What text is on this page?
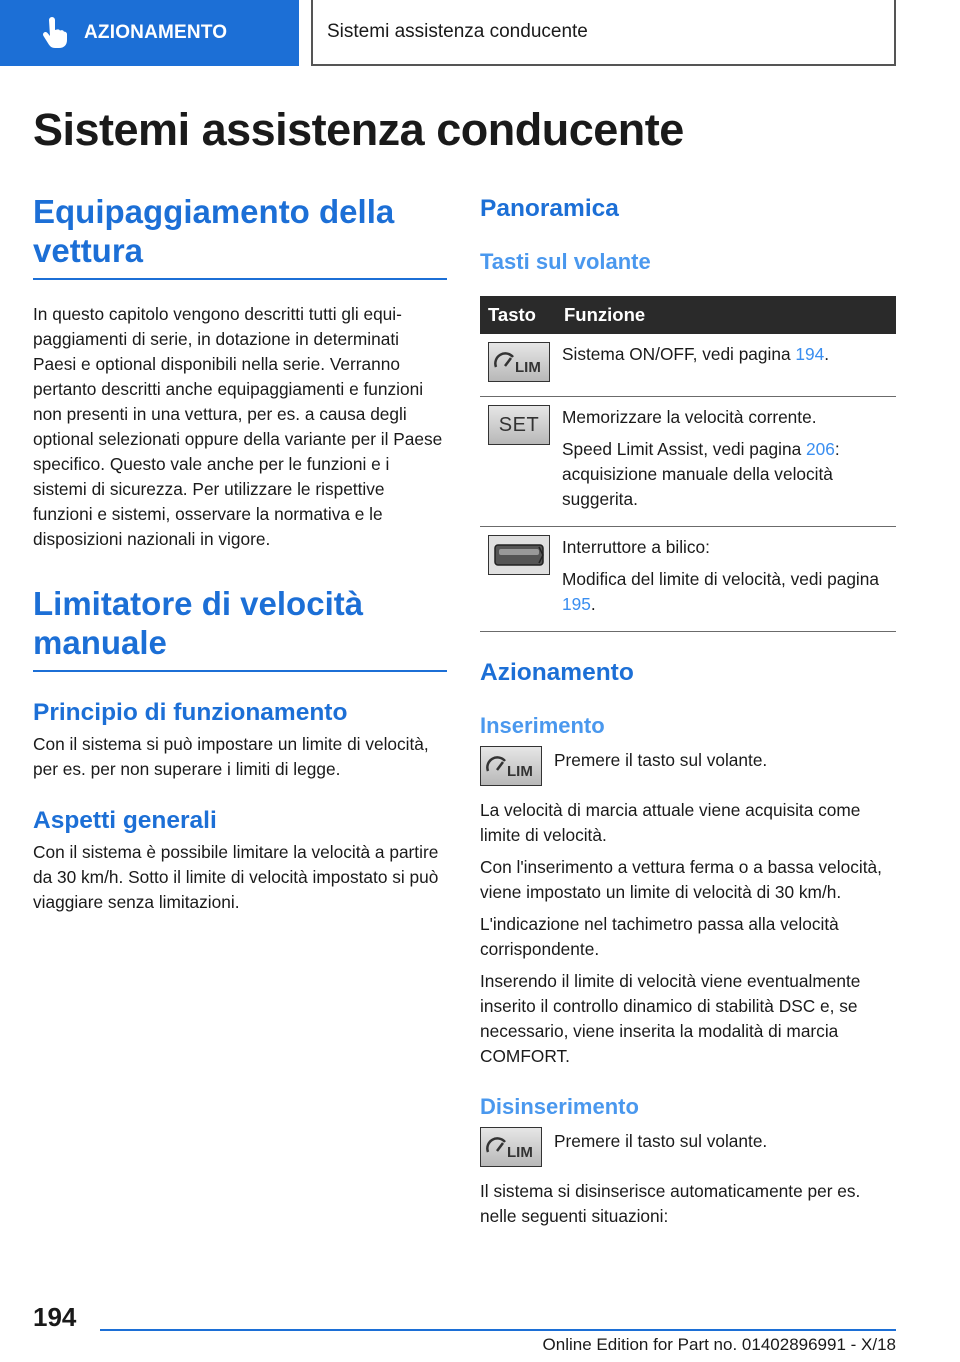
AZIONAMENTO	Sistemi assistenza conducente
Sistemi assistenza conducente
Equipaggiamento della vettura

In questo capitolo vengono descritti tutti gli equipaggiamenti di serie, in dotazione in determinati Paesi e optional disponibili nella serie. Verranno pertanto descritti anche equipaggiamenti e funzioni non presenti in una vettura, per es. a causa degli optional selezionati oppure della variante per il Paese specifico. Questo vale anche per le funzioni e i sistemi di sicurezza. Per utilizzare le rispettive funzioni e sistemi, osservare la normativa e le disposizioni nazionali in vigore.

Limitatore di velocità manuale
Principio di funzionamento

Con il sistema si può impostare un limite di velocità, per es. per non superare i limiti di legge.

Aspetti generali

Con il sistema è possibile limitare la velocità a partire da 30 km/h. Sotto il limite di velocità impostato si può viaggiare senza limitazioni.

Panoramica
Tasti sul volante
Tasto	Funzione

LIM	Sistema ON/OFF, vedi pagina 194.

SET	Memorizzare la velocità corrente.

Speed Limit Assist, vedi pagina 206: acquisizione manuale della velocità suggerita.

Interruttore a bilico:

Modifica del limite di velocità, vedi pagina 195.

Azionamento
Inserimento
LIM

Premere il tasto sul volante.

La velocità di marcia attuale viene acquisita come limite di velocità.

Con l'inserimento a vettura ferma o a bassa velocità, viene impostato un limite di velocità di 30 km/h.

L'indicazione nel tachimetro passa alla velocità corrispondente.

Inserendo il limite di velocità viene eventualmente inserito il controllo dinamico di stabilità DSC e, se necessario, viene inserita la modalità di marcia COMFORT.

Disinserimento
LIM

Premere il tasto sul volante.

Il sistema si disinserisce automaticamente per es. nelle seguenti situazioni:

194
Online Edition for Part no. 01402896991 - X/18
